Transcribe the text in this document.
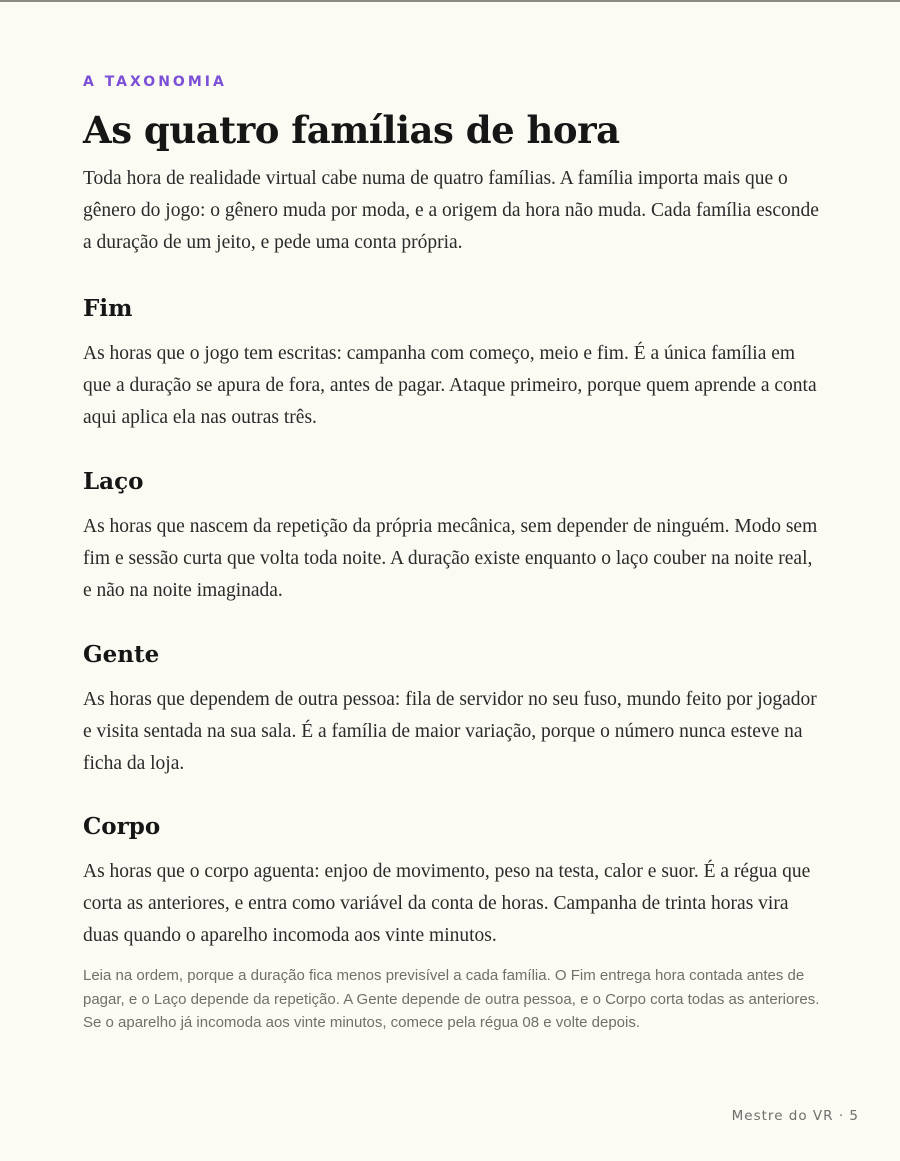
A TAXONOMIA
As quatro famílias de hora

Toda hora de realidade virtual cabe numa de quatro famílias. A família importa mais que o gênero do jogo: o gênero muda por moda, e a origem da hora não muda. Cada família esconde a duração de um jeito, e pede uma conta própria.

Fim

As horas que o jogo tem escritas: campanha com começo, meio e fim. É a única família em que a duração se apura de fora, antes de pagar. Ataque primeiro, porque quem aprende a conta aqui aplica ela nas outras três.

Laço

As horas que nascem da repetição da própria mecânica, sem depender de ninguém. Modo sem fim e sessão curta que volta toda noite. A duração existe enquanto o laço couber na noite real, e não na noite imaginada.

Gente

As horas que dependem de outra pessoa: fila de servidor no seu fuso, mundo feito por jogador e visita sentada na sua sala. É a família de maior variação, porque o número nunca esteve na ficha da loja.

Corpo

As horas que o corpo aguenta: enjoo de movimento, peso na testa, calor e suor. É a régua que corta as anteriores, e entra como variável da conta de horas. Campanha de trinta horas vira duas quando o aparelho incomoda aos vinte minutos.

Leia na ordem, porque a duração fica menos previsível a cada família. O Fim entrega hora contada antes de pagar, e o Laço depende da repetição. A Gente depende de outra pessoa, e o Corpo corta todas as anteriores. Se o aparelho já incomoda aos vinte minutos, comece pela régua 08 e volte depois.

Mestre do VR · 5
